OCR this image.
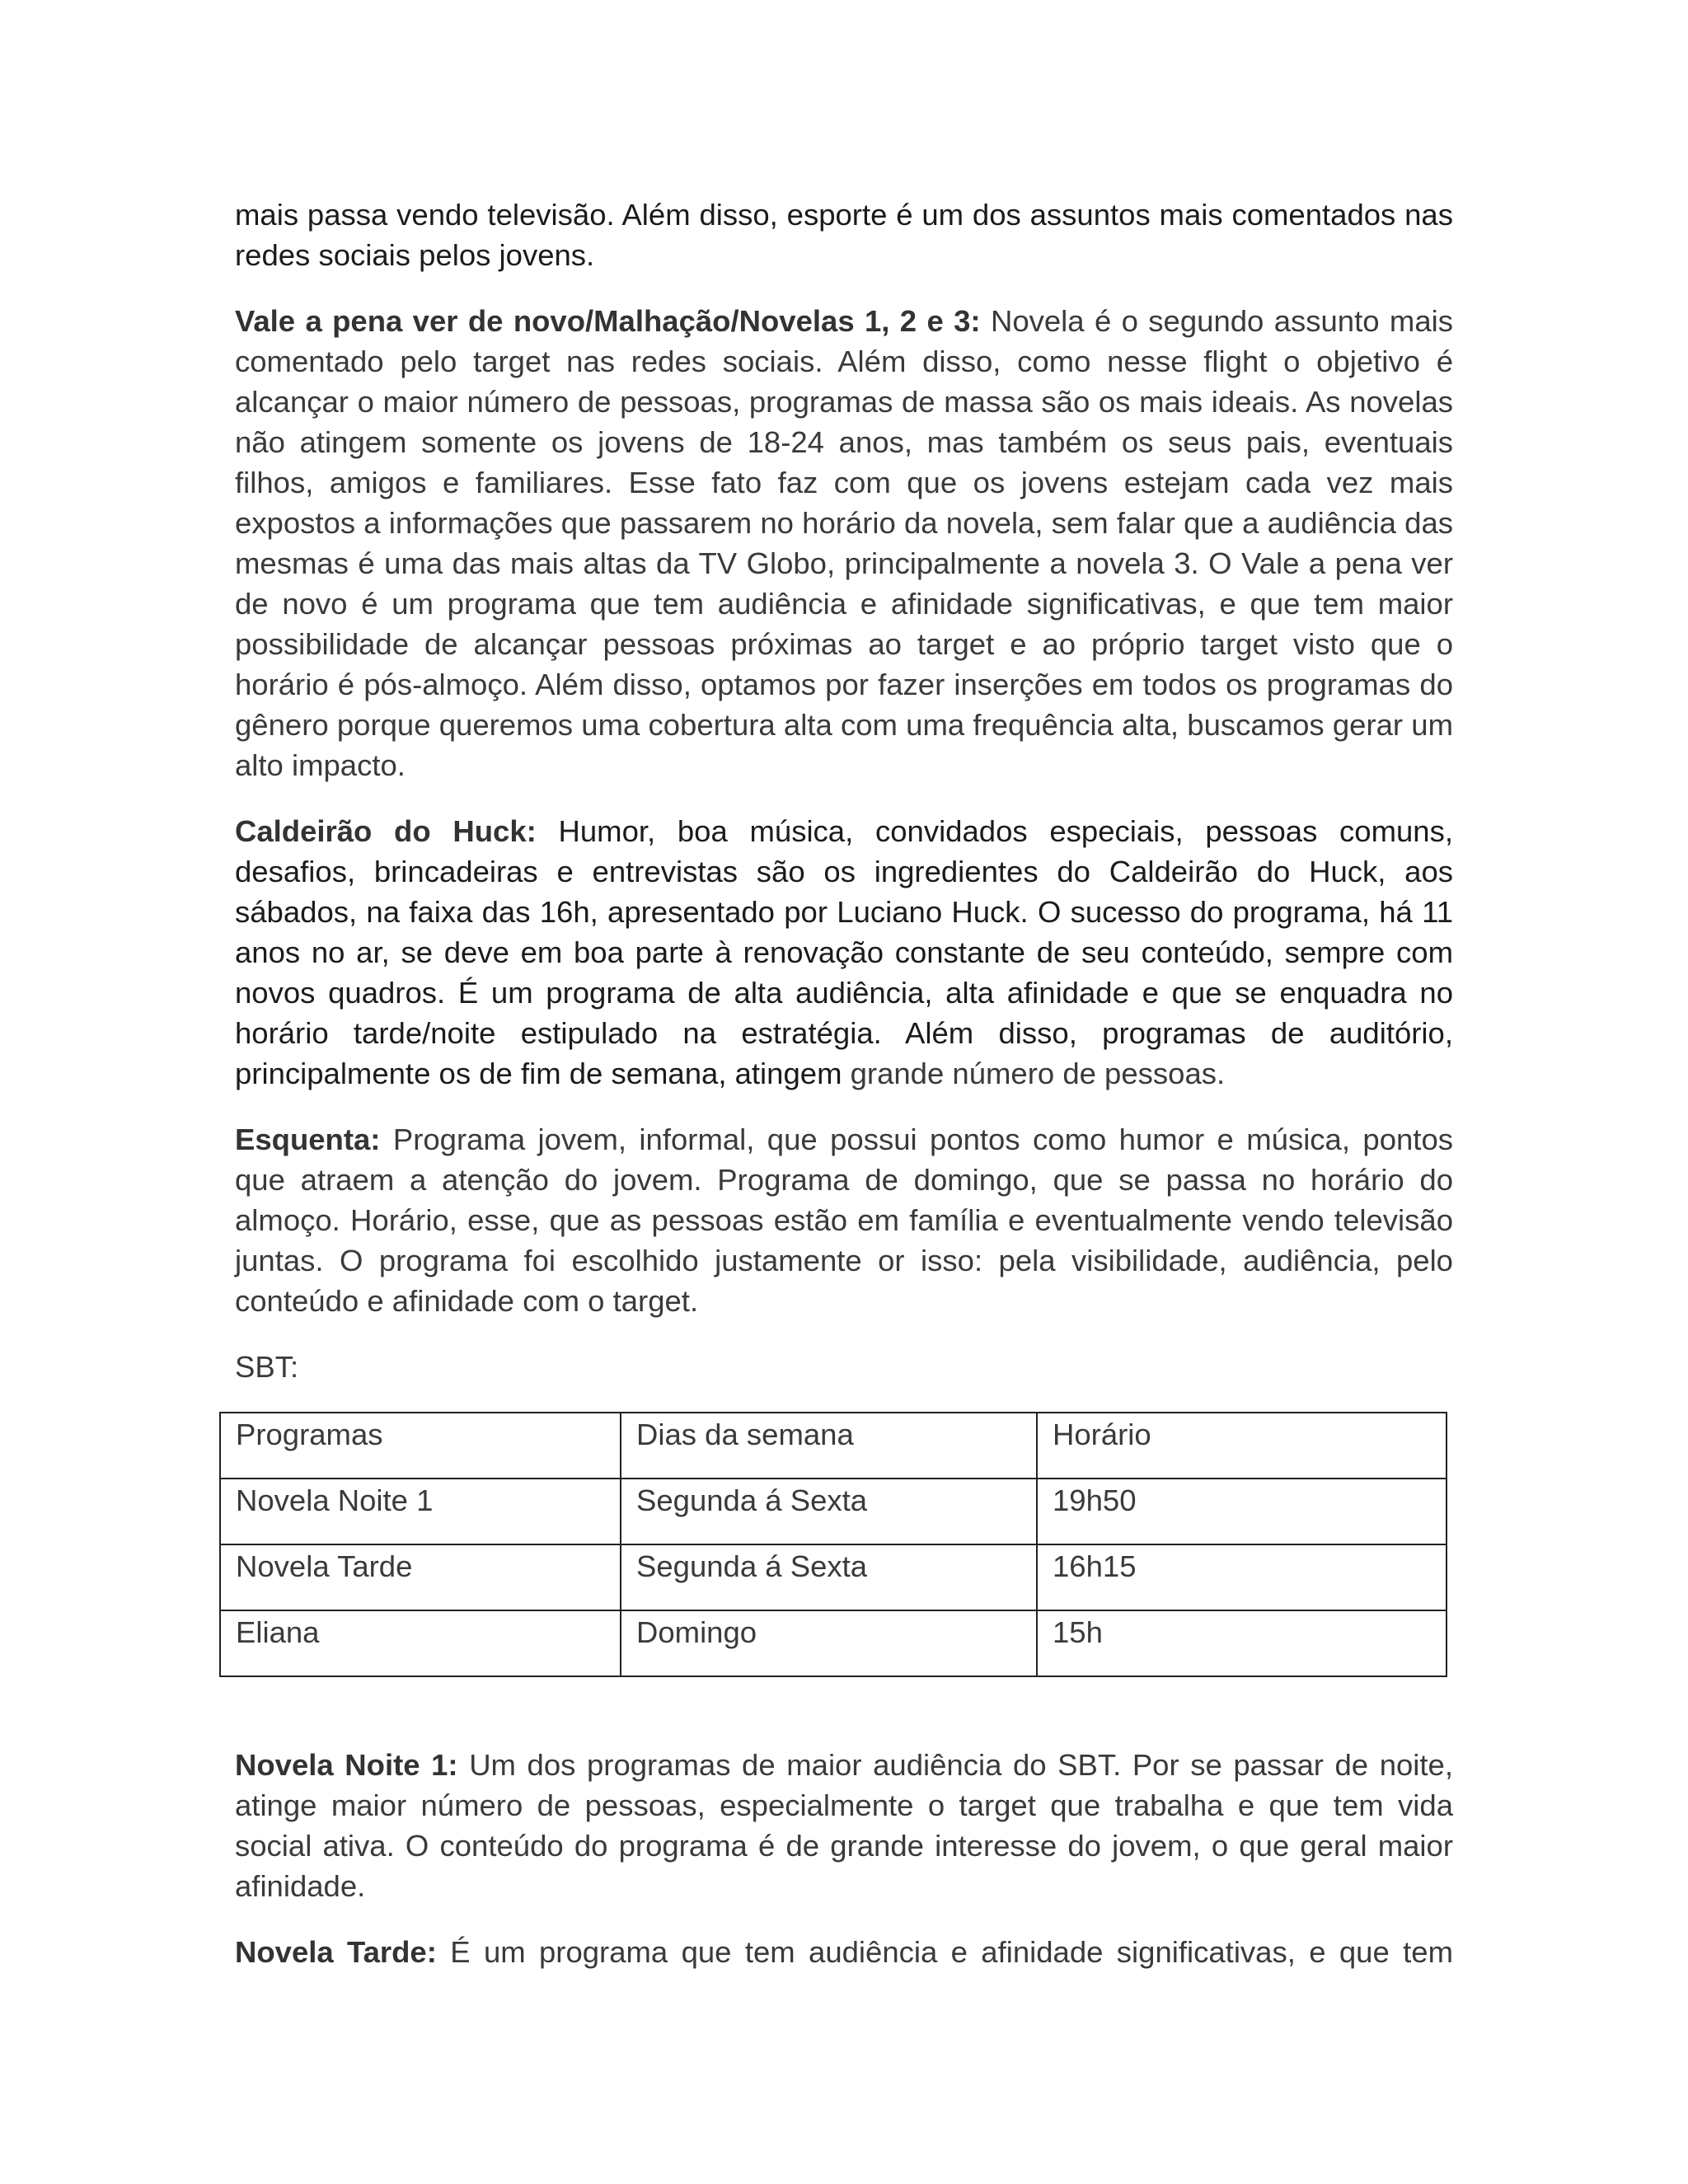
mais passa vendo televisão. Além disso, esporte é um dos assuntos mais comentados nas redes sociais pelos jovens.

Vale a pena ver de novo/Malhação/Novelas 1, 2 e 3: Novela é o segundo assunto mais comentado pelo target nas redes sociais. Além disso, como nesse flight o objetivo é alcançar o maior número de pessoas, programas de massa são os mais ideais. As novelas não atingem somente os jovens de 18-24 anos, mas também os seus pais, eventuais filhos, amigos e familiares. Esse fato faz com que os jovens estejam cada vez mais expostos a informações que passarem no horário da novela, sem falar que a audiência das mesmas é uma das mais altas da TV Globo, principalmente a novela 3. O Vale a pena ver de novo é um programa que tem audiência e afinidade significativas, e que tem maior possibilidade de alcançar pessoas próximas ao target e ao próprio target visto que o horário é pós-almoço. Além disso, optamos por fazer inserções em todos os programas do gênero porque queremos uma cobertura alta com uma frequência alta, buscamos gerar um alto impacto.

Caldeirão do Huck: Humor, boa música, convidados especiais, pessoas comuns, desafios, brincadeiras e entrevistas são os ingredientes do Caldeirão do Huck, aos sábados, na faixa das 16h, apresentado por Luciano Huck. O sucesso do programa, há 11 anos no ar, se deve em boa parte à renovação constante de seu conteúdo, sempre com novos quadros. É um programa de alta audiência, alta afinidade e que se enquadra no horário tarde/noite estipulado na estratégia. Além disso, programas de auditório, principalmente os de fim de semana, atingem grande número de pessoas.

Esquenta: Programa jovem, informal, que possui pontos como humor e música, pontos que atraem a atenção do jovem. Programa de domingo, que se passa no horário do almoço. Horário, esse, que as pessoas estão em família e eventualmente vendo televisão juntas. O programa foi escolhido justamente or isso: pela visibilidade, audiência, pelo conteúdo e afinidade com o target.

SBT:
Programas	Dias da semana	Horário
Novela Noite 1	Segunda á Sexta	19h50
Novela Tarde	Segunda á Sexta	16h15
Eliana	Domingo	15h

Novela Noite 1: Um dos programas de maior audiência do SBT. Por se passar de noite, atinge maior número de pessoas, especialmente o target que trabalha e que tem vida social ativa. O conteúdo do programa é de grande interesse do jovem, o que geral maior afinidade.

Novela Tarde: É um programa que tem audiência e afinidade significativas, e que tem
